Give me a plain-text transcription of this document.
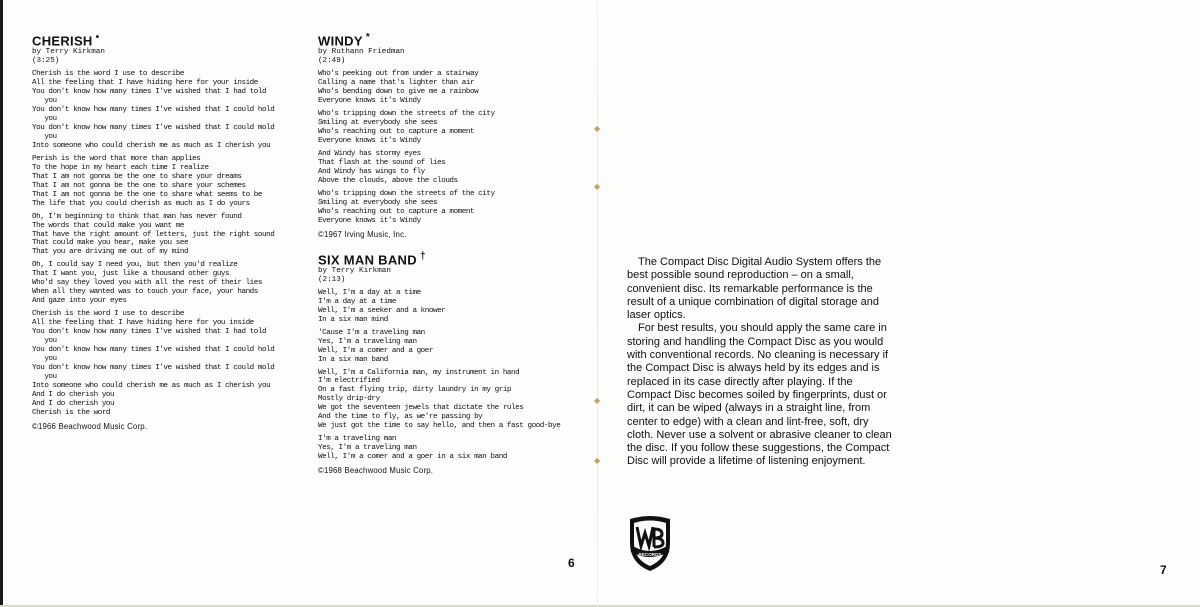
CHERISH •

by Terry Kirkman

(3:25)

Cherish is the word I use to describe
All the feeling that I have hiding here for your inside
You don't know how many times I've wished that I had told
you
You don't know how many times I've wished that I could hold
you
You don't know how many times I've wished that I could mold
you
Into someone who could cherish me as much as I cherish you

Perish is the word that more than applies
To the hope in my heart each time I realize
That I am not gonna be the one to share your dreams
That I am not gonna be the one to share your schemes
That I am not gonna be the one to share what seems to be
The life that you could cherish as much as I do yours

Oh, I'm beginning to think that man has never found
The words that could make you want me
That have the right amount of letters, just the right sound
That could make you hear, make you see
That you are driving me out of my mind

Oh, I could say I need you, but then you'd realize
That I want you, just like a thousand other guys
Who'd say they loved you with all the rest of their lies
When all they wanted was to touch your face, your hands
And gaze into your eyes

Cherish is the word I use to describe
All the feeling that I have hiding here for you inside
You don't know how many times I've wished that I had told
you
You don't know how many times I've wished that I could hold
you
You don't know how many times I've wished that I could mold
you
Into someone who could cherish me as much as I cherish you
And I do cherish you
And I do cherish you
Cherish is the word

©1966 Beachwood Music Corp.

WINDY *

by Ruthann Friedman

(2:49)

Who's peeking out from under a stairway
Calling a name that's lighter than air
Who's bending down to give me a rainbow
Everyone knows it's Windy

Who's tripping down the streets of the city
Smiling at everybody she sees
Who's reaching out to capture a moment
Everyone knows it's Windy

And Windy has stormy eyes
That flash at the sound of lies
And Windy has wings to fly
Above the clouds, above the clouds

Who's tripping down the streets of the city
Smiling at everybody she sees
Who's reaching out to capture a moment
Everyone knows it's Windy

©1967 Irving Music, Inc.

SIX MAN BAND †

by Terry Kirkman

(2:13)

Well, I'm a day at a time
I'm a day at a time
Well, I'm a seeker and a knower
In a six man mind

'Cause I'm a traveling man
Yes, I'm a traveling man
Well, I'm a comer and a goer
In a six man band

Well, I'm a California man, my instrument in hand
I'm electrified
On a fast flying trip, dirty laundry in my grip
Mostly drip-dry
We got the seventeen jewels that dictate the rules
And the time to fly, as we're passing by
We just got the time to say hello, and then a fast good-bye

I'm a traveling man
Yes, I'm a traveling man
Well, I'm a comer and a goer in a six man band

©1968 Beachwood Music Corp.

6
◆
◆
◆
◆

The Compact Disc Digital Audio System offers the best possible sound reproduction – on a small, convenient disc. Its remarkable performance is the result of a unique combination of digital storage and laser optics.

For best results, you should apply the same care in storing and handling the Compact Disc as you would with conventional records. No cleaning is necessary if the Compact Disc is always held by its edges and is replaced in its case directly after playing. If the Compact Disc becomes soiled by fingerprints, dust or dirt, it can be wiped (always in a straight line, from center to edge) with a clean and lint-free, soft, dry cloth. Never use a solvent or abrasive cleaner to clean the disc. If you follow these suggestions, the Compact Disc will provide a lifetime of listening enjoyment.

RECORDS
7
